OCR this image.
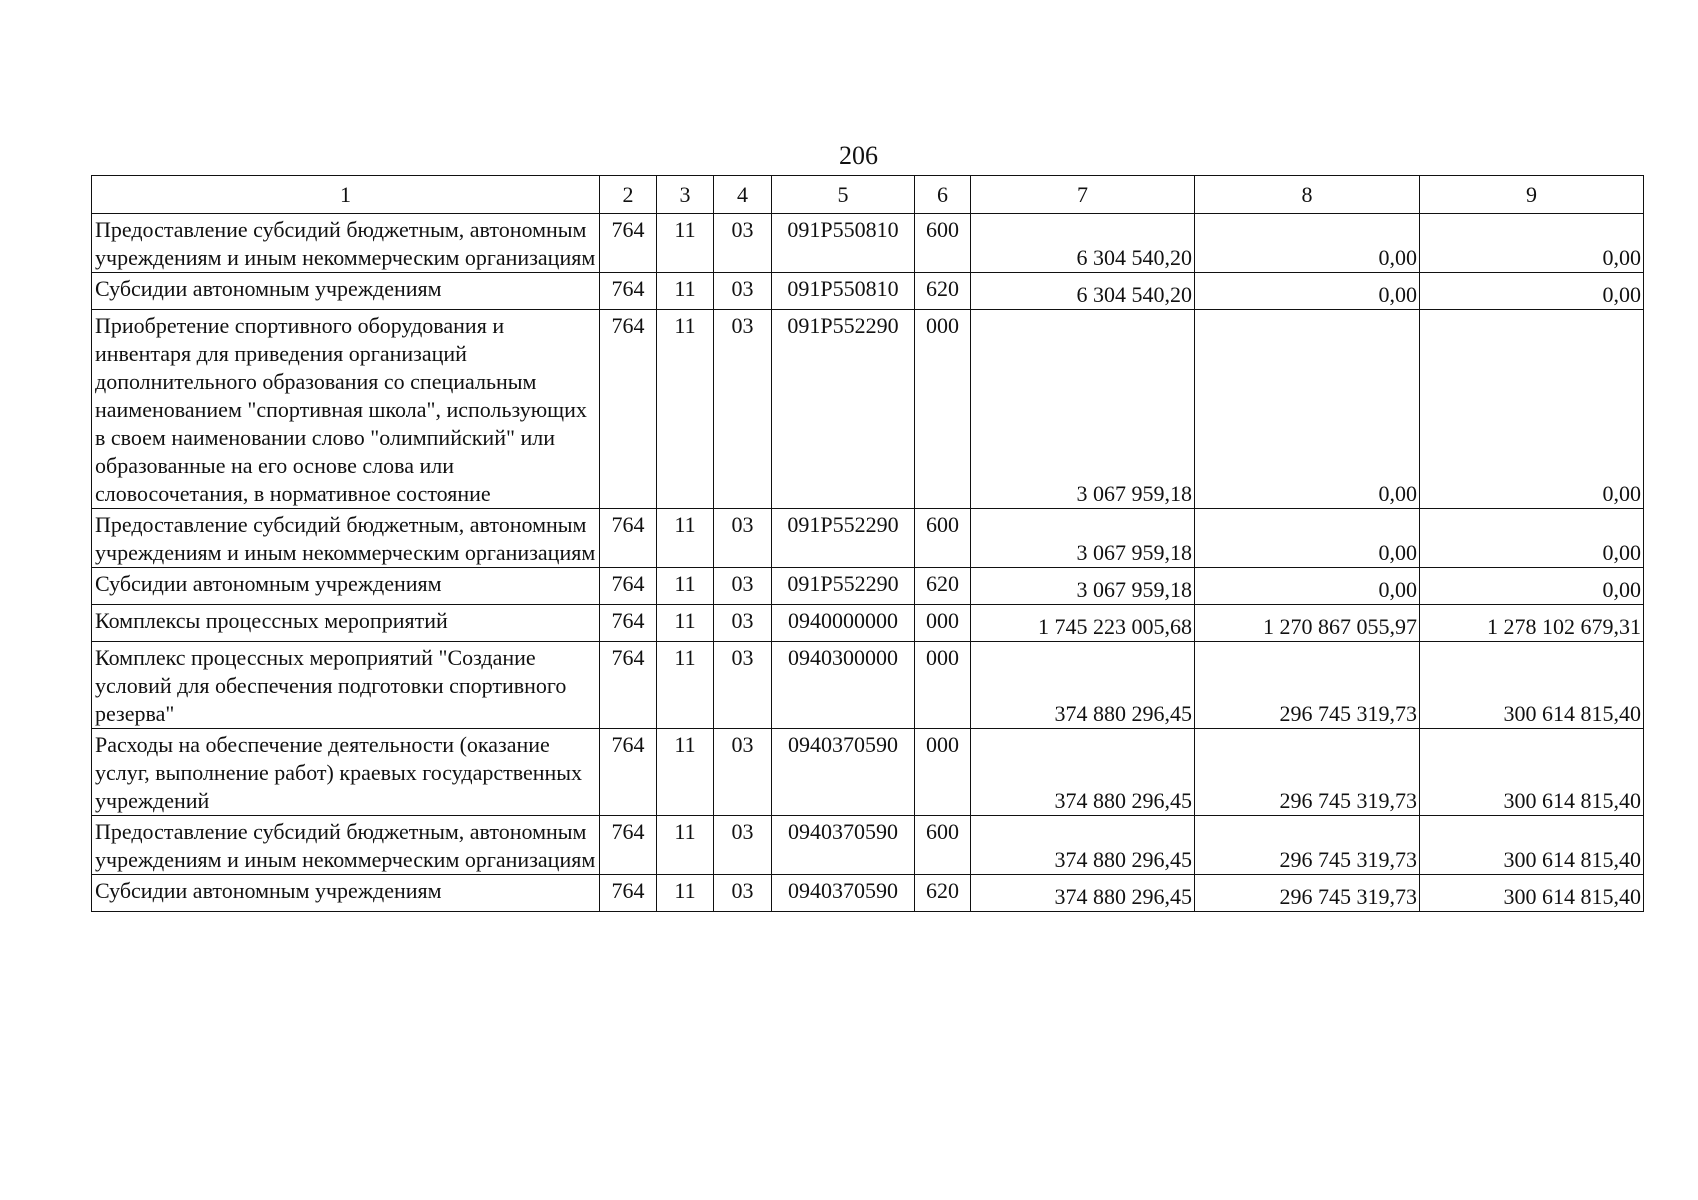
206
1	2	3	4	5	6	7	8	9
Предоставление субсидий бюджетным, автономным учреждениям и иным некоммерческим организациям	764	11	03	091Р550810	600	6 304 540,20	0,00	0,00
Субсидии автономным учреждениям	764	11	03	091Р550810	620	6 304 540,20	0,00	0,00
Приобретение спортивного оборудования и инвентаря для приведения организаций дополнительного образования со специальным наименованием "спортивная школа", использующих в своем наименовании слово "олимпийский" или образованные на его основе слова или словосочетания, в нормативное состояние	764	11	03	091Р552290	000	3 067 959,18	0,00	0,00
Предоставление субсидий бюджетным, автономным учреждениям и иным некоммерческим организациям	764	11	03	091Р552290	600	3 067 959,18	0,00	0,00
Субсидии автономным учреждениям	764	11	03	091Р552290	620	3 067 959,18	0,00	0,00
Комплексы процессных мероприятий	764	11	03	0940000000	000	1 745 223 005,68	1 270 867 055,97	1 278 102 679,31
Комплекс процессных мероприятий "Создание условий для обеспечения подготовки спортивного резерва"	764	11	03	0940300000	000	374 880 296,45	296 745 319,73	300 614 815,40
Расходы на обеспечение деятельности (оказание услуг, выполнение работ) краевых государственных учреждений	764	11	03	0940370590	000	374 880 296,45	296 745 319,73	300 614 815,40
Предоставление субсидий бюджетным, автономным учреждениям и иным некоммерческим организациям	764	11	03	0940370590	600	374 880 296,45	296 745 319,73	300 614 815,40
Субсидии автономным учреждениям	764	11	03	0940370590	620	374 880 296,45	296 745 319,73	300 614 815,40
